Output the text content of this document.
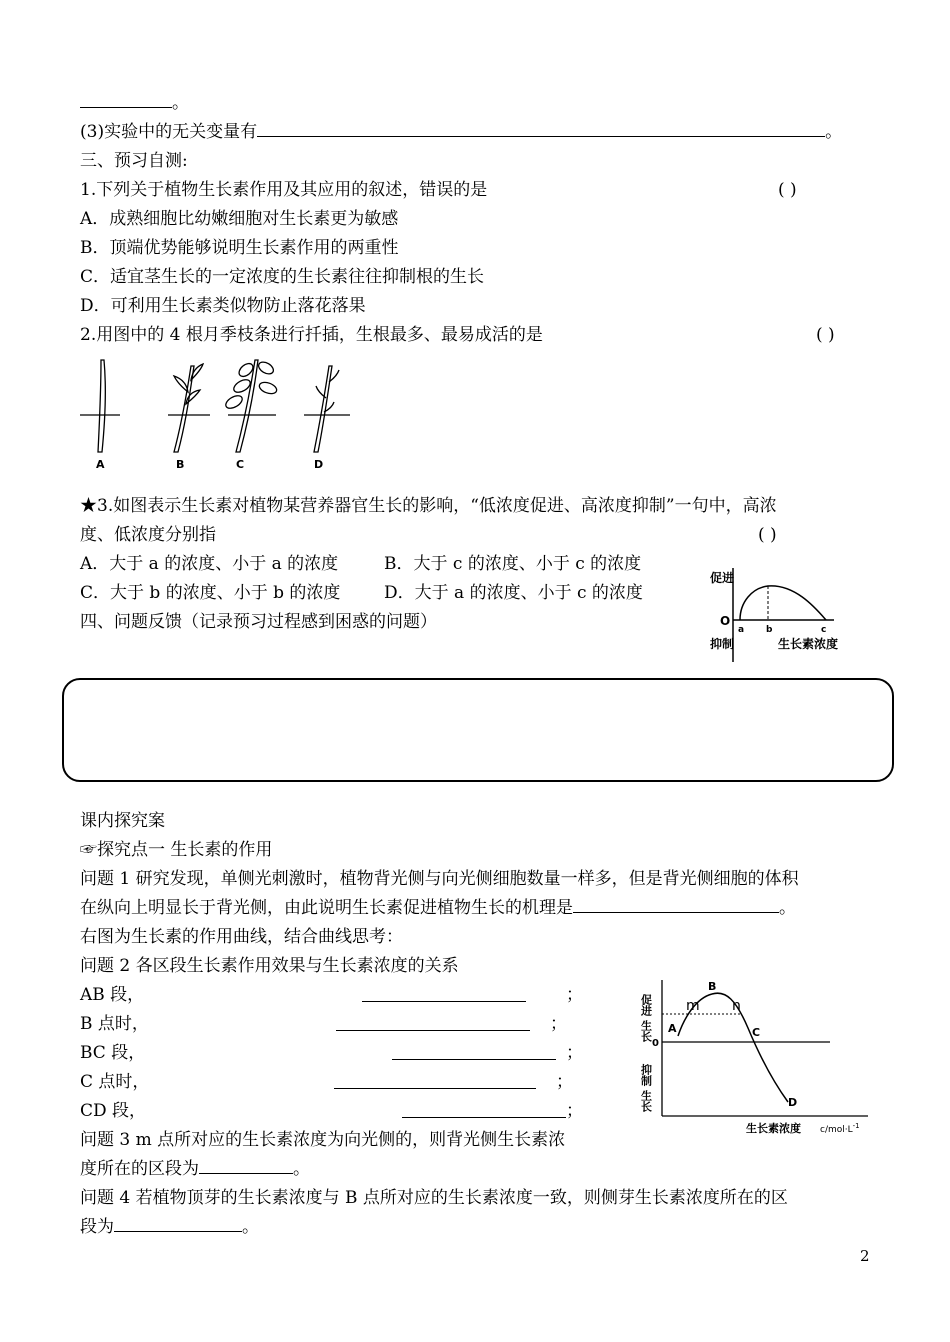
。
(3)实验中的无关变量有	。
三、预习自测:
1.下列关于植物生长素作用及其应用的叙述，错误的是	( )
A．成熟细胞比幼嫩细胞对生长素更为敏感
B．顶端优势能够说明生长素作用的两重性
C．适宜茎生长的一定浓度的生长素往往抑制根的生长
D．可利用生长素类似物防止落花落果
2.用图中的 4 根月季枝条进行扦插，生根最多、最易成活的是	( )
A	B	C	D
★3.如图表示生长素对植物某营养器官生长的影响，“低浓度促进、高浓度抑制”一句中，高浓
度、低浓度分别指	( )
A．大于 a 的浓度、小于 a 的浓度	B．大于 c 的浓度、小于 c 的浓度
C．大于 b 的浓度、小于 b 的浓度	D．大于 a 的浓度、小于 c 的浓度
四、问题反馈（记录预习过程感到困惑的问题）
促进
O
抑制
a b	c
生长素浓度
课内探究案
☞探究点一 生长素的作用
问题 1 研究发现，单侧光刺激时，植物背光侧与向光侧细胞数量一样多，但是背光侧细胞的体积
在纵向上明显长于背光侧，由此说明生长素促进植物生长的机理是	。
右图为生长素的作用曲线，结合曲线思考：
问题 2 各区段生长素作用效果与生长素浓度的关系
AB 段，	；
B 点时，	；
BC 段，	；
C 点时，	；
CD 段，	；
问题 3 m 点所对应的生长素浓度为向光侧的，则背光侧生长素浓
度所在的区段为	。
问题 4 若植物顶芽的生长素浓度与 B 点所对应的生长素浓度一致，则侧芽生长素浓度所在的区
段为	。
促进
生长
0
抑制
生长
A
B
C
D
m n
生长素浓度 $c/mol\cdot L^{-1}$
2
